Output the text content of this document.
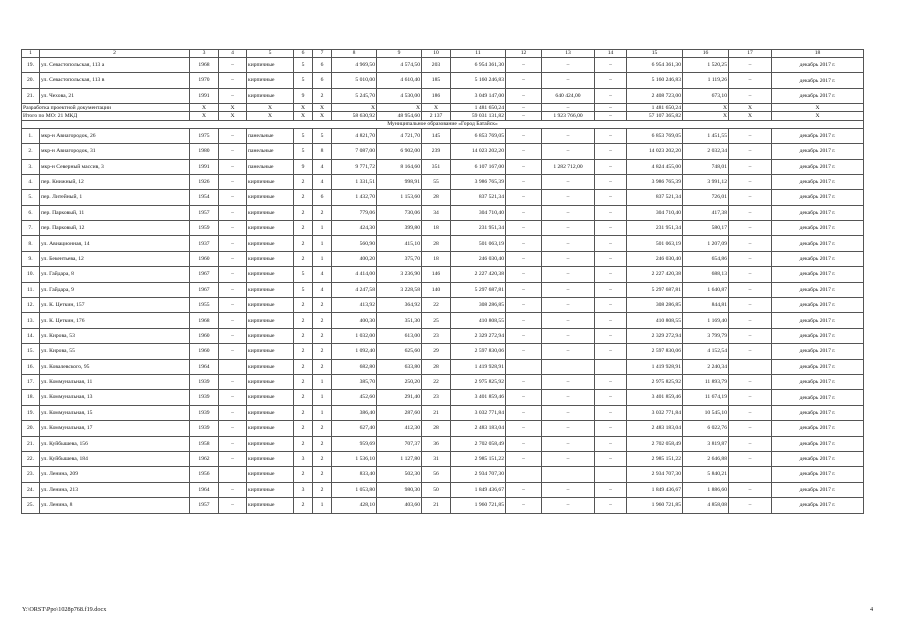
1	2	3	4	5	6	7	8	9	10	11	12	13	14	15	16	17	18
19.	ул. Севастопольская, 113 а	1968	–	кирпичные	5	6	4 969,50	4 574,50	203	6 954 361,30	–	–	–	6 954 361,30	1 520,25	–	декабрь 2017 г.
20.	ул. Севастопольская, 113 в	1970	–	кирпичные	5	6	5 010,00	4 610,40	185	5 160 246,83	–	–	–	5 160 246,83	1 119,26	–	декабрь 2017 г.
21.	ул. Чехова, 21	1991	–	кирпичные	9	2	5 245,70	4 530,00	186	3 049 147,00	–	640 424,00	–	2 408 723,00	673,10	–	декабрь 2017 г.
Разработка проектной документации		X	X	X	X	X	X	X	X	1 481 650,24	–	–	–	1 481 650,24	X	X	X
Итого по МО: 21 МКД		X	X	X	X	X	58 630,92	48 954,60	2 137	59 031 131,82	–	1 923 766,00	–	57 107 365,82	X	X	X
Муниципальное образование «Город Батайск»																	
1.	мкр-н Авиагородок, 26	1975	–	панельные	5	5	4 821,70	4 721,70	145	6 853 769,05	–	–	–	6 853 769,05	1 451,55	–	декабрь 2017 г.
2.	мкр-н Авиагородок, 31	1980	–	панельные	5	8	7 087,00	6 902,00	239	14 023 202,20	–	–	–	14 023 202,20	2 032,34	–	декабрь 2017 г.
3.	мкр-н Северный массив, 3	1991	–	панельные	9	4	9 771,72	8 164,60	351	6 107 167,00	–	1 282 712,00	–	4 824 455,00	748,01	–	декабрь 2017 г.
4.	пер. Книжный, 12	1926	–	кирпичные	2	4	1 331,51	998,91	55	3 986 765,39	–	–	–	3 986 765,39	3 991,12	–	декабрь 2017 г.
5.	пер. Литейный, 1	1954	–	кирпичные	2	6	1 432,70	1 153,60	28	837 521,34	–	–	–	837 521,34	726,01	–	декабрь 2017 г.
6.	пер. Парковый, 11	1957	–	кирпичные	2	2	779,06	730,06	34	304 710,40	–	–	–	304 710,40	417,38	–	декабрь 2017 г.
7.	пер. Парковый, 12	1959	–	кирпичные	2	1	424,30	399,80	18	231 951,34	–	–	–	231 951,34	580,17	–	декабрь 2017 г.
8.	ул. Авиационная, 14	1937	–	кирпичные	2	1	560,90	415,10	28	501 063,19	–	–	–	501 063,19	1 207,09	–	декабрь 2017 г.
9.	ул. Бекентьева, 12	1960	–	кирпичные	2	1	400,20	375,70	18	246 030,40	–	–	–	246 030,40	654,86	–	декабрь 2017 г.
10.	ул. Гайдара, 8	1967	–	кирпичные	5	4	4 414,00	3 236,90	146	2 227 420,38	–	–	–	2 227 420,38	688,13	–	декабрь 2017 г.
11.	ул. Гайдара, 9	1967	–	кирпичные	5	4	4 247,58	3 228,58	140	5 297 687,81	–	–	–	5 297 687,81	1 640,87	–	декабрь 2017 г.
12.	ул. К. Цеткин, 157	1955	–	кирпичные	2	2	413,92	364,92	22	308 286,85	–	–	–	308 286,85	844,81	–	декабрь 2017 г.
13.	ул. К. Цеткин, 176	1968	–	кирпичные	2	2	400,30	351,30	25	410 808,55	–	–	–	410 808,55	1 169,40	–	декабрь 2017 г.
14.	ул. Кирова, 53	1960	–	кирпичные	2	2	1 032,00	613,00	23	2 329 272,94	–	–	–	2 329 272,94	3 799,79	–	декабрь 2017 г.
15.	ул. Кирова, 55	1960	–	кирпичные	2	2	1 092,40	625,60	29	2 597 830,06	–	–	–	2 597 830,06	4 152,54	–	декабрь 2017 г.
16.	ул. Ковалевского, 95	1964		кирпичные	2	2	682,80	633,80	28	1 419 928,91				1 419 928,91	2 240,34		декабрь 2017 г.
17.	ул. Коммунальная, 11	1939	–	кирпичные	2	1	385,70	250,20	22	2 975 825,92	–	–	–	2 975 825,92	11 893,79	–	декабрь 2017 г.
18.	ул. Коммунальная, 13	1939	–	кирпичные	2	1	452,60	291,40	23	3 401 859,46	–	–	–	3 401 859,46	11 674,19	–	декабрь 2017 г.
19.	ул. Коммунальная, 15	1939	–	кирпичные	2	1	386,40	287,60	21	3 032 771,84	–	–	–	3 032 771,84	10 545,10	–	декабрь 2017 г.
20.	ул. Коммунальная, 17	1939	–	кирпичные	2	2	627,40	412,30	28	2 483 183,04	–	–	–	2 483 183,04	6 022,76	–	декабрь 2017 г.
21.	ул. Куйбышева, 156	1958	–	кирпичные	2	2	959,69	707,37	36	2 702 058,49	–	–	–	2 702 058,49	3 819,87	–	декабрь 2017 г.
22.	ул. Куйбышева, 184	1962	–	кирпичные	3	2	1 536,10	1 127,80	31	2 985 151,22	–	–	–	2 985 151,22	2 646,88	–	декабрь 2017 г.
23.	ул. Ленина, 209	1956		кирпичные	2	2	833,40	502,30	56	2 934 707,30				2 934 707,30	5 840,21		декабрь 2017 г.
24.	ул. Ленина, 213	1964	–	кирпичные	3	2	1 053,80	980,30	50	1 849 436,67	–	–	–	1 849 436,67	1 886,60	–	декабрь 2017 г.
25.	ул. Ленина, 8	1957	–	кирпичные	2	1	428,10	403,60	21	1 960 721,85	–	–	–	1 960 721,85	4 858,08	–	декабрь 2017 г.
Y:\ORST\Ppo\1028p768.f19.docx	4
